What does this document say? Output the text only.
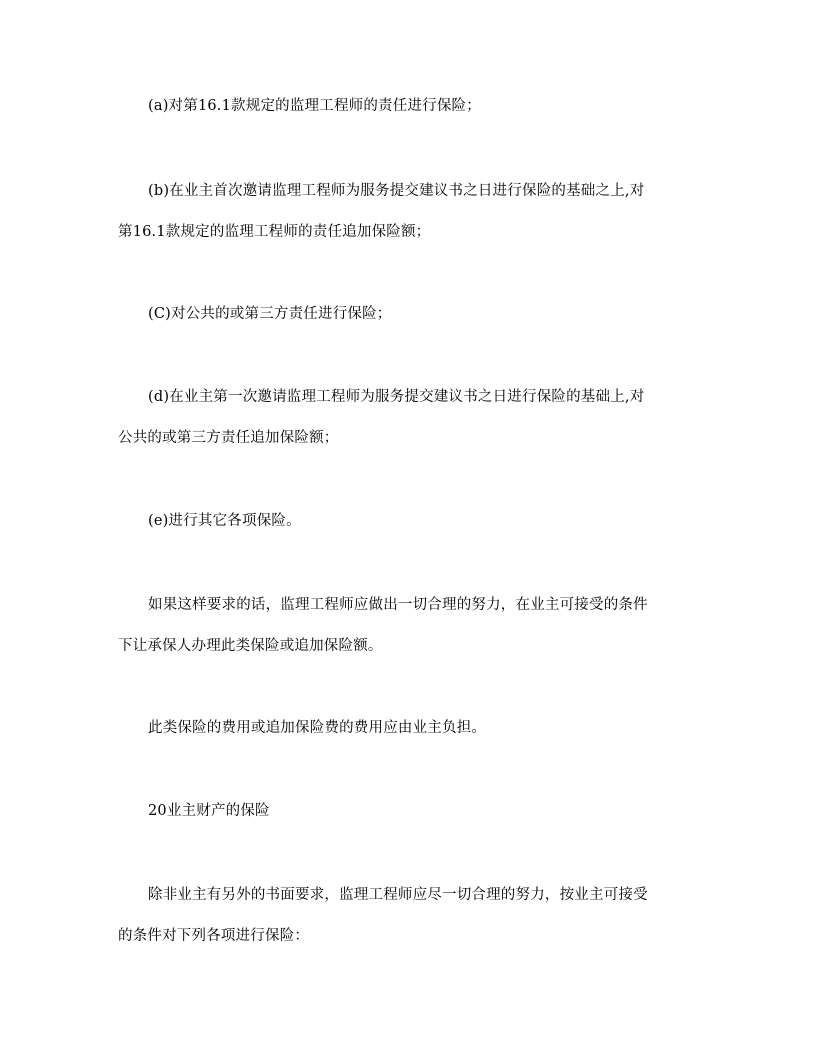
(a)对第16.1款规定的监理工程师的责任进行保险；
(b)在业主首次邀请监理工程师为服务提交建议书之日进行保险的基础之上,对
第16.1款规定的监理工程师的责任追加保险额；
(C)对公共的或第三方责任进行保险；
(d)在业主第一次邀请监理工程师为服务提交建议书之日进行保险的基础上,对
公共的或第三方责任追加保险额；
(e)进行其它各项保险。
如果这样要求的话，监理工程师应做出一切合理的努力，在业主可接受的条件
下让承保人办理此类保险或追加保险额。
此类保险的费用或追加保险费的费用应由业主负担。
20业主财产的保险
除非业主有另外的书面要求，监理工程师应尽一切合理的努力，按业主可接受
的条件对下列各项进行保险：
